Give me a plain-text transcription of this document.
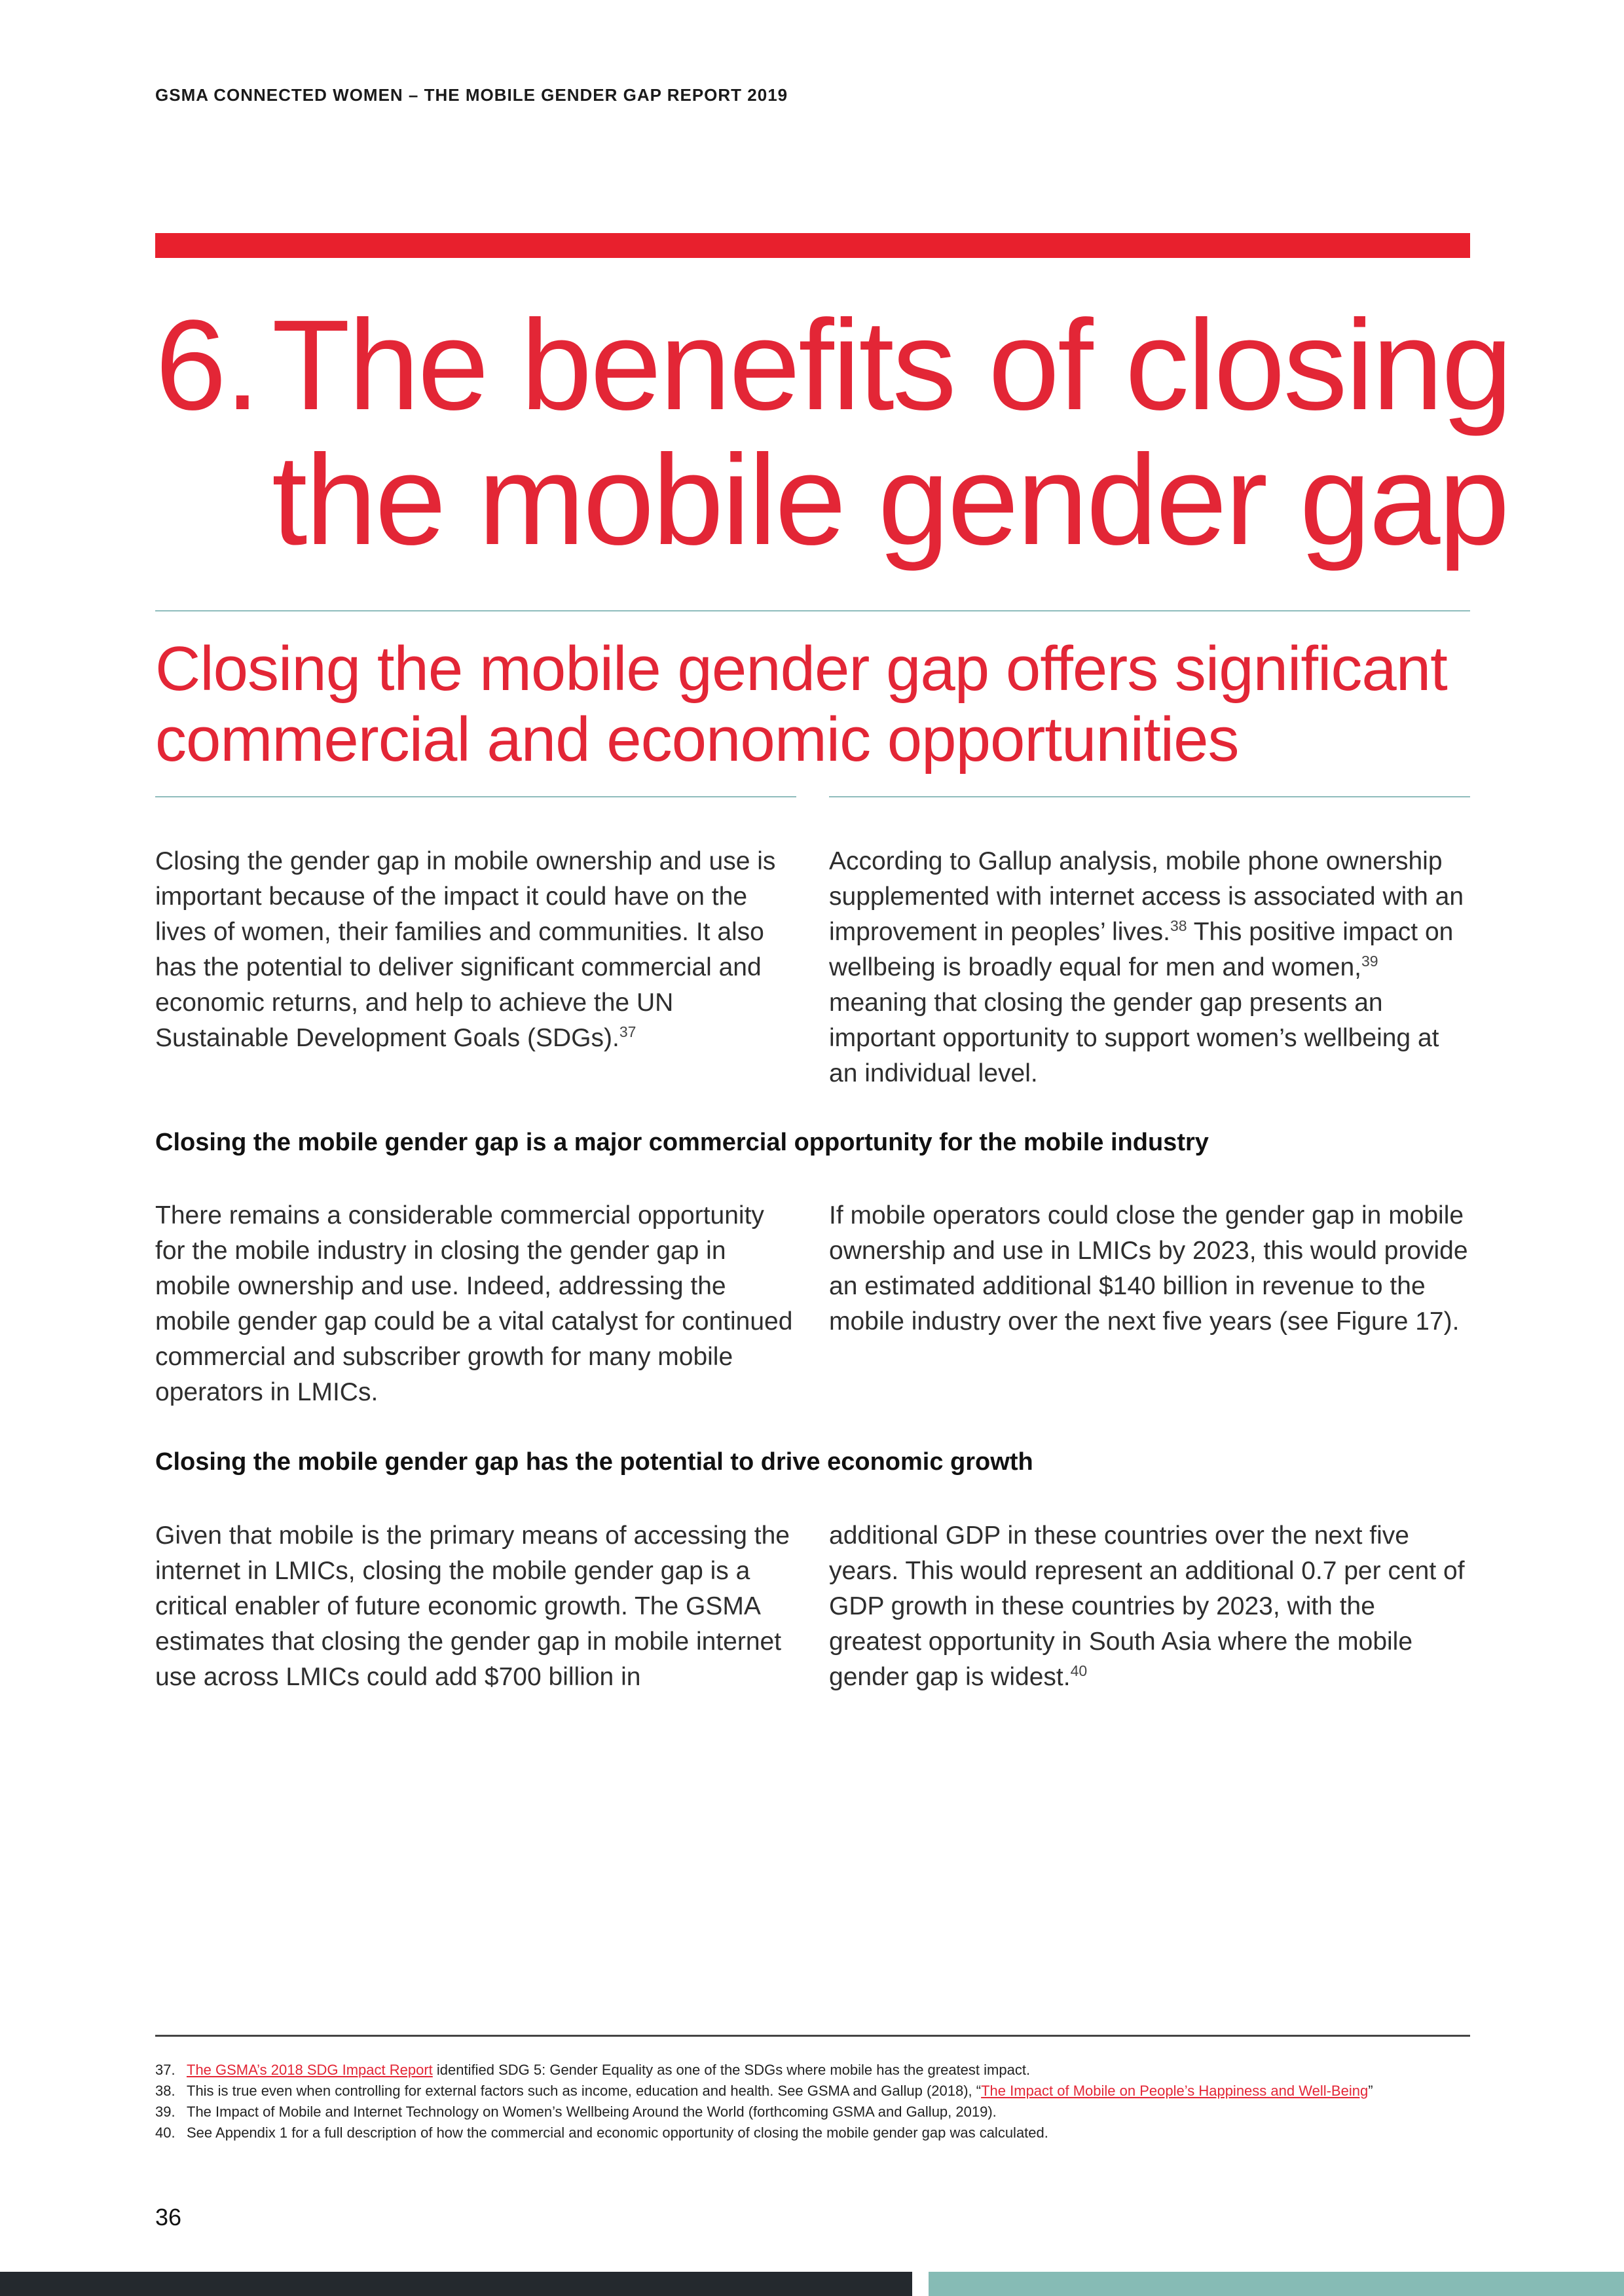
GSMA CONNECTED WOMEN – THE MOBILE GENDER GAP REPORT 2019
6. The benefits of closing
the mobile gender gap
Closing the mobile gender gap offers significant
commercial and economic opportunities
Closing the gender gap in mobile ownership and use is important because of the impact it could have on the lives of women, their families and communities. It also has the potential to deliver significant commercial and economic returns, and help to achieve the UN Sustainable Development Goals (SDGs).$^{37}$
According to Gallup analysis, mobile phone ownership supplemented with internet access is associated with an improvement in peoples’ lives.$^{38}$ This positive impact on wellbeing is broadly equal for men and women,$^{39}$ meaning that closing the gender gap presents an important opportunity to support women’s wellbeing at an individual level.
Closing the mobile gender gap is a major commercial opportunity for the mobile industry
There remains a considerable commercial opportunity for the mobile industry in closing the gender gap in mobile ownership and use. Indeed, addressing the mobile gender gap could be a vital catalyst for continued commercial and subscriber growth for many mobile operators in LMICs.
If mobile operators could close the gender gap in mobile ownership and use in LMICs by 2023, this would provide an estimated additional $140 billion in revenue to the mobile industry over the next five years (see Figure 17).
Closing the mobile gender gap has the potential to drive economic growth
Given that mobile is the primary means of accessing the internet in LMICs, closing the mobile gender gap is a critical enabler of future economic growth. The GSMA estimates that closing the gender gap in mobile internet use across LMICs could add $700 billion in
additional GDP in these countries over the next five years. This would represent an additional 0.7 per cent of GDP growth in these countries by 2023, with the greatest opportunity in South Asia where the mobile gender gap is widest.$^{40}$
37. The GSMA’s 2018 SDG Impact Report identified SDG 5: Gender Equality as one of the SDGs where mobile has the greatest impact.
38. This is true even when controlling for external factors such as income, education and health. See GSMA and Gallup (2018), “The Impact of Mobile on People’s Happiness and Well-Being”
39. The Impact of Mobile and Internet Technology on Women’s Wellbeing Around the World (forthcoming GSMA and Gallup, 2019).
40. See Appendix 1 for a full description of how the commercial and economic opportunity of closing the mobile gender gap was calculated.
36
